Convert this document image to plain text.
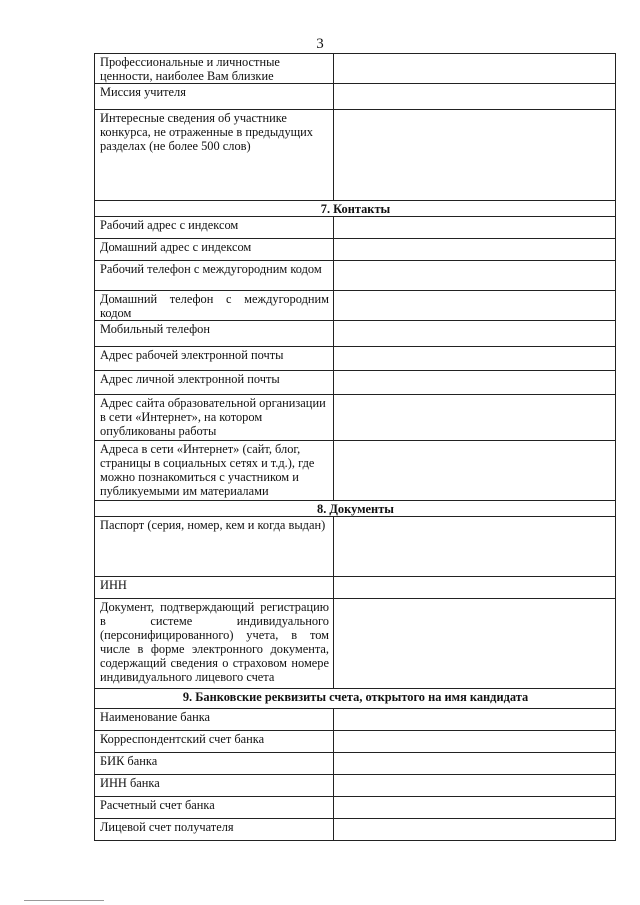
3
Профессиональные и личностные ценности, наиболее Вам близкие	
Миссия учителя	
Интересные сведения об участнике конкурса, не отраженные в предыдущих разделах (не более 500 слов)	
7. Контакты	
Рабочий адрес с индексом	
Домашний адрес с индексом	
Рабочий телефон с междугородним кодом	
Домашний телефон с междугородним кодом	
Мобильный телефон	
Адрес рабочей электронной почты	
Адрес личной электронной почты	
Адрес сайта образовательной организации в сети «Интернет», на котором опубликованы работы	
Адреса в сети «Интернет» (сайт, блог, страницы в социальных сетях и т.д.), где можно познакомиться с участником и публикуемыми им материалами	
8. Документы	
Паспорт (серия, номер, кем и когда выдан)	
ИНН	
Документ, подтверждающий регистрацию в системе индивидуального (персонифицированного) учета, в том числе в форме электронного документа, содержащий сведения о страховом номере индивидуального лицевого счета	
9. Банковские реквизиты счета, открытого на имя кандидата	
Наименование банка	
Корреспондентский счет банка	
БИК банка	
ИНН банка	
Расчетный счет банка	
Лицевой счет получателя	
